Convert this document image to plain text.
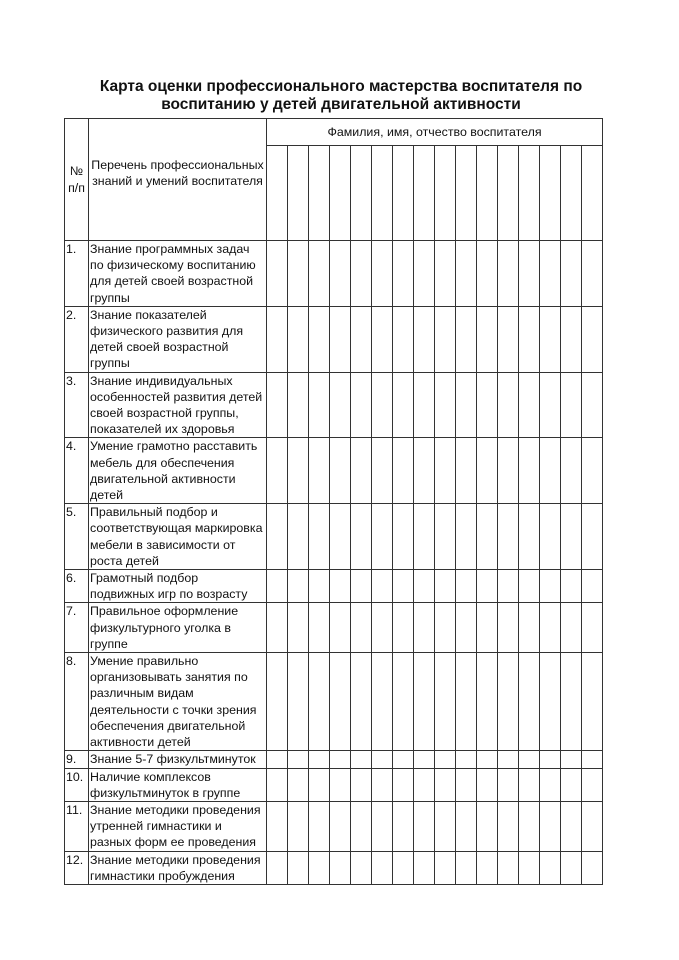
Карта оценки профессионального мастерства воспитателя по
воспитанию у детей двигательной активности
№
п/п	Перечень профессиональных знаний и умений воспитателя	Фамилия, имя, отчество воспитателя															

1.	Знание программных задач по физическому воспитанию для детей своей возрастной группы																
2.	Знание показателей физического развития для детей своей возрастной группы																
3.	Знание индивидуальных особенностей развития детей своей возрастной группы, показателей их здоровья																
4.	Умение грамотно расставить мебель для обеспечения двигательной активности детей																
5.	Правильный подбор и соответствующая маркировка мебели в зависимости от роста детей																
6.	Грамотный подбор подвижных игр по возрасту																
7.	Правильное оформление физкультурного уголка в группе																
8.	Умение правильно организовывать занятия по различным видам деятельности с точки зрения обеспечения двигательной активности детей																
9.	Знание 5-7 физкультминуток																
10.	Наличие комплексов физкультминуток в группе																
11.	Знание методики проведения утренней гимнастики и разных форм ее проведения																
12.	Знание методики проведения гимнастики пробуждения																
